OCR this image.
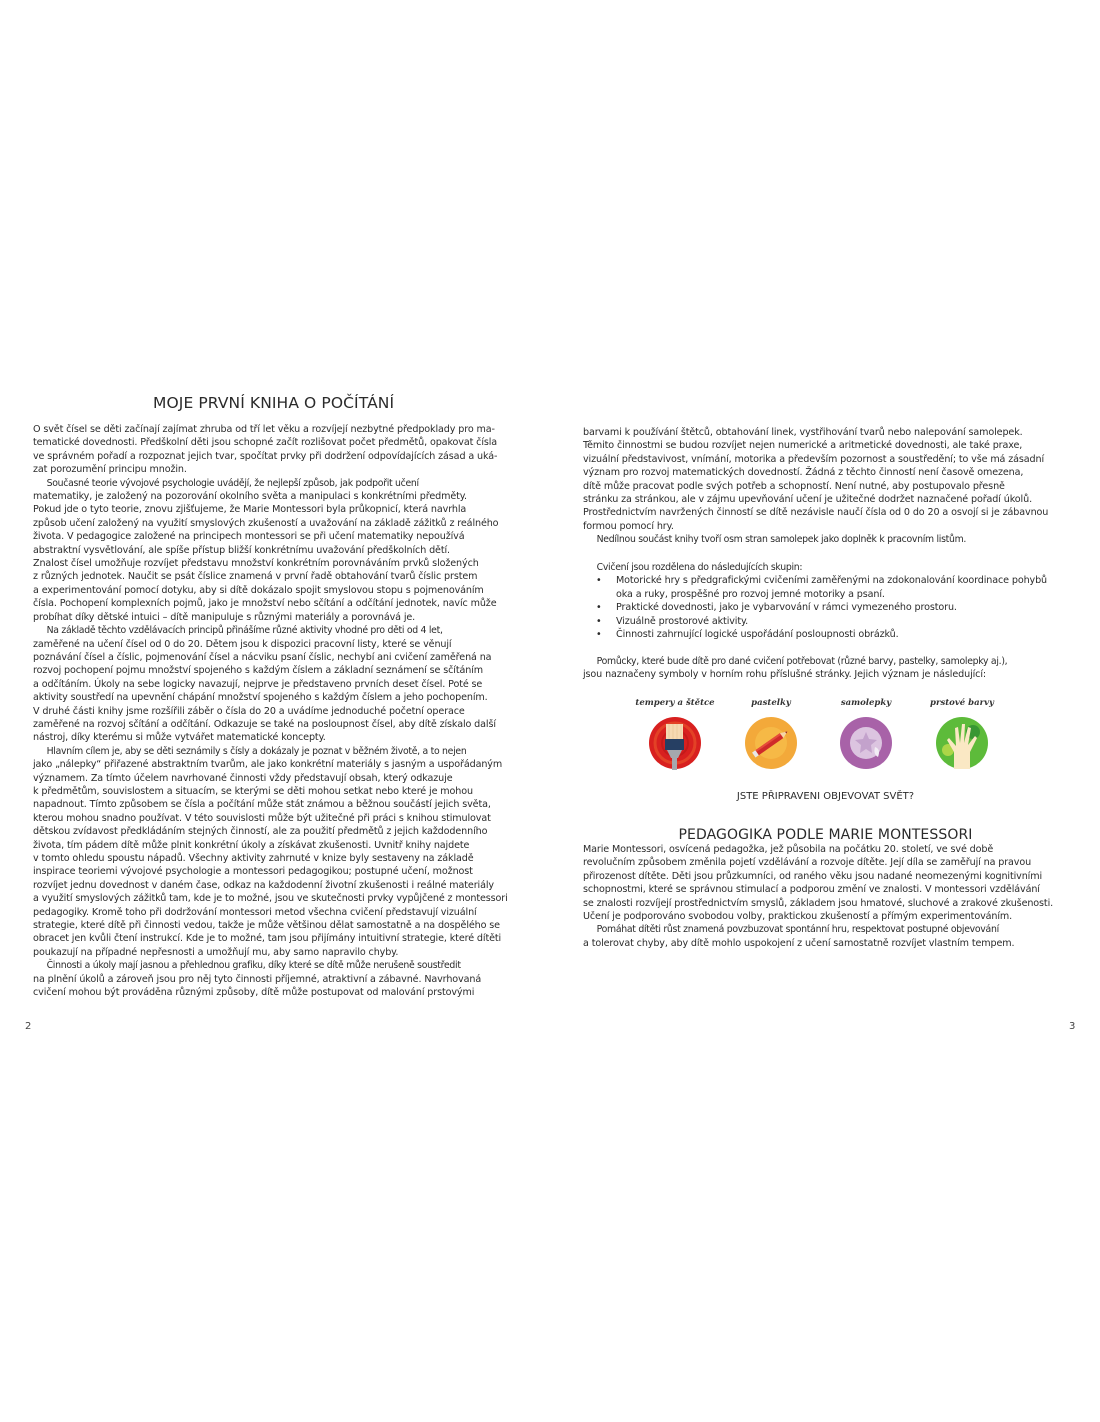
MOJE PRVNÍ KNIHA O POČÍTÁNÍ
O svět čísel se děti začínají zajímat zhruba od tří let věku a rozvíjejí nezbytné předpoklady pro ma-
tematické dovednosti. Předškolní děti jsou schopné začít rozlišovat počet předmětů, opakovat čísla
ve správném pořadí a rozpoznat jejich tvar, spočítat prvky při dodržení odpovídajících zásad a uká-
zat porozumění principu množin.
Současné teorie vývojové psychologie uvádějí, že nejlepší způsob, jak podpořit učení
matematiky, je založený na pozorování okolního světa a manipulaci s konkrétními předměty.
Pokud jde o tyto teorie, znovu zjišťujeme, že Marie Montessori byla průkopnicí, která navrhla
způsob učení založený na využití smyslových zkušeností a uvažování na základě zážitků z reálného
života. V pedagogice založené na principech montessori se při učení matematiky nepoužívá
abstraktní vysvětlování, ale spíše přístup bližší konkrétnímu uvažování předškolních dětí.
Znalost čísel umožňuje rozvíjet představu množství konkrétním porovnáváním prvků složených
z různých jednotek. Naučit se psát číslice znamená v první řadě obtahování tvarů číslic prstem
a experimentování pomocí dotyku, aby si dítě dokázalo spojit smyslovou stopu s pojmenováním
čísla. Pochopení komplexních pojmů, jako je množství nebo sčítání a odčítání jednotek, navíc může
probíhat díky dětské intuici – dítě manipuluje s různými materiály a porovnává je.
Na základě těchto vzdělávacích principů přinášíme různé aktivity vhodné pro děti od 4 let,
zaměřené na učení čísel od 0 do 20. Dětem jsou k dispozici pracovní listy, které se věnují
poznávání čísel a číslic, pojmenování čísel a nácviku psaní číslic, nechybí ani cvičení zaměřená na
rozvoj pochopení pojmu množství spojeného s každým číslem a základní seznámení se sčítáním
a odčítáním. Úkoly na sebe logicky navazují, nejprve je představeno prvních deset čísel. Poté se
aktivity soustředí na upevnění chápání množství spojeného s každým číslem a jeho pochopením.
V druhé části knihy jsme rozšířili záběr o čísla do 20 a uvádíme jednoduché početní operace
zaměřené na rozvoj sčítání a odčítání. Odkazuje se také na posloupnost čísel, aby dítě získalo další
nástroj, díky kterému si může vytvářet matematické koncepty.
Hlavním cílem je, aby se děti seznámily s čísly a dokázaly je poznat v běžném životě, a to nejen
jako „nálepky“ přiřazené abstraktním tvarům, ale jako konkrétní materiály s jasným a uspořádaným
významem. Za tímto účelem navrhované činnosti vždy představují obsah, který odkazuje
k předmětům, souvislostem a situacím, se kterými se děti mohou setkat nebo které je mohou
napadnout. Tímto způsobem se čísla a počítání může stát známou a běžnou součástí jejich světa,
kterou mohou snadno používat. V této souvislosti může být užitečné při práci s knihou stimulovat
dětskou zvídavost předkládáním stejných činností, ale za použití předmětů z jejich každodenního
života, tím pádem dítě může plnit konkrétní úkoly a získávat zkušenosti. Uvnitř knihy najdete
v tomto ohledu spoustu nápadů. Všechny aktivity zahrnuté v knize byly sestaveny na základě
inspirace teoriemi vývojové psychologie a montessori pedagogikou; postupné učení, možnost
rozvíjet jednu dovednost v daném čase, odkaz na každodenní životní zkušenosti i reálné materiály
a využití smyslových zážitků tam, kde je to možné, jsou ve skutečnosti prvky vypůjčené z montessori
pedagogiky. Kromě toho při dodržování montessori metod všechna cvičení představují vizuální
strategie, které dítě při činnosti vedou, takže je může většinou dělat samostatně a na dospělého se
obracet jen kvůli čtení instrukcí. Kde je to možné, tam jsou přijímány intuitivní strategie, které dítěti
poukazují na případné nepřesnosti a umožňují mu, aby samo napravilo chyby.
Činnosti a úkoly mají jasnou a přehlednou grafiku, díky které se dítě může nerušeně soustředit
na plnění úkolů a zároveň jsou pro něj tyto činnosti příjemné, atraktivní a zábavné. Navrhovaná
cvičení mohou být prováděna různými způsoby, dítě může postupovat od malování prstovými
2
barvami k používání štětců, obtahování linek, vystřihování tvarů nebo nalepování samolepek.
Těmito činnostmi se budou rozvíjet nejen numerické a aritmetické dovednosti, ale také praxe,
vizuální představivost, vnímání, motorika a především pozornost a soustředění; to vše má zásadní
význam pro rozvoj matematických dovedností. Žádná z těchto činností není časově omezena,
dítě může pracovat podle svých potřeb a schopností. Není nutné, aby postupovalo přesně
stránku za stránkou, ale v zájmu upevňování učení je užitečné dodržet naznačené pořadí úkolů.
Prostřednictvím navržených činností se dítě nezávisle naučí čísla od 0 do 20 a osvojí si je zábavnou
formou pomocí hry.
Nedílnou součást knihy tvoří osm stran samolepek jako doplněk k pracovním listům.
Cvičení jsou rozdělena do následujících skupin:
• Motorické hry s předgrafickými cvičeními zaměřenými na zdokonalování koordinace pohybů
oka a ruky, prospěšné pro rozvoj jemné motoriky a psaní.
• Praktické dovednosti, jako je vybarvování v rámci vymezeného prostoru.
• Vizuálně prostorové aktivity.
• Činnosti zahrnující logické uspořádání posloupnosti obrázků.
Pomůcky, které bude dítě pro dané cvičení potřebovat (různé barvy, pastelky, samolepky aj.),
jsou naznačeny symboly v horním rohu příslušné stránky. Jejich význam je následující:
tempery a štětce	pastelky	samolepky	prstové barvy
JSTE PŘIPRAVENI OBJEVOVAT SVĚT?
PEDAGOGIKA PODLE MARIE MONTESSORI
Marie Montessori, osvícená pedagožka, jež působila na počátku 20. století, ve své době
revolučním způsobem změnila pojetí vzdělávání a rozvoje dítěte. Její díla se zaměřují na pravou
přirozenost dítěte. Děti jsou průzkumníci, od raného věku jsou nadané neomezenými kognitivními
schopnostmi, které se správnou stimulací a podporou změní ve znalosti. V montessori vzdělávání
se znalosti rozvíjejí prostřednictvím smyslů, základem jsou hmatové, sluchové a zrakové zkušenosti.
Učení je podporováno svobodou volby, praktickou zkušeností a přímým experimentováním.
Pomáhat dítěti růst znamená povzbuzovat spontánní hru, respektovat postupné objevování
a tolerovat chyby, aby dítě mohlo uspokojení z učení samostatně rozvíjet vlastním tempem.
3
